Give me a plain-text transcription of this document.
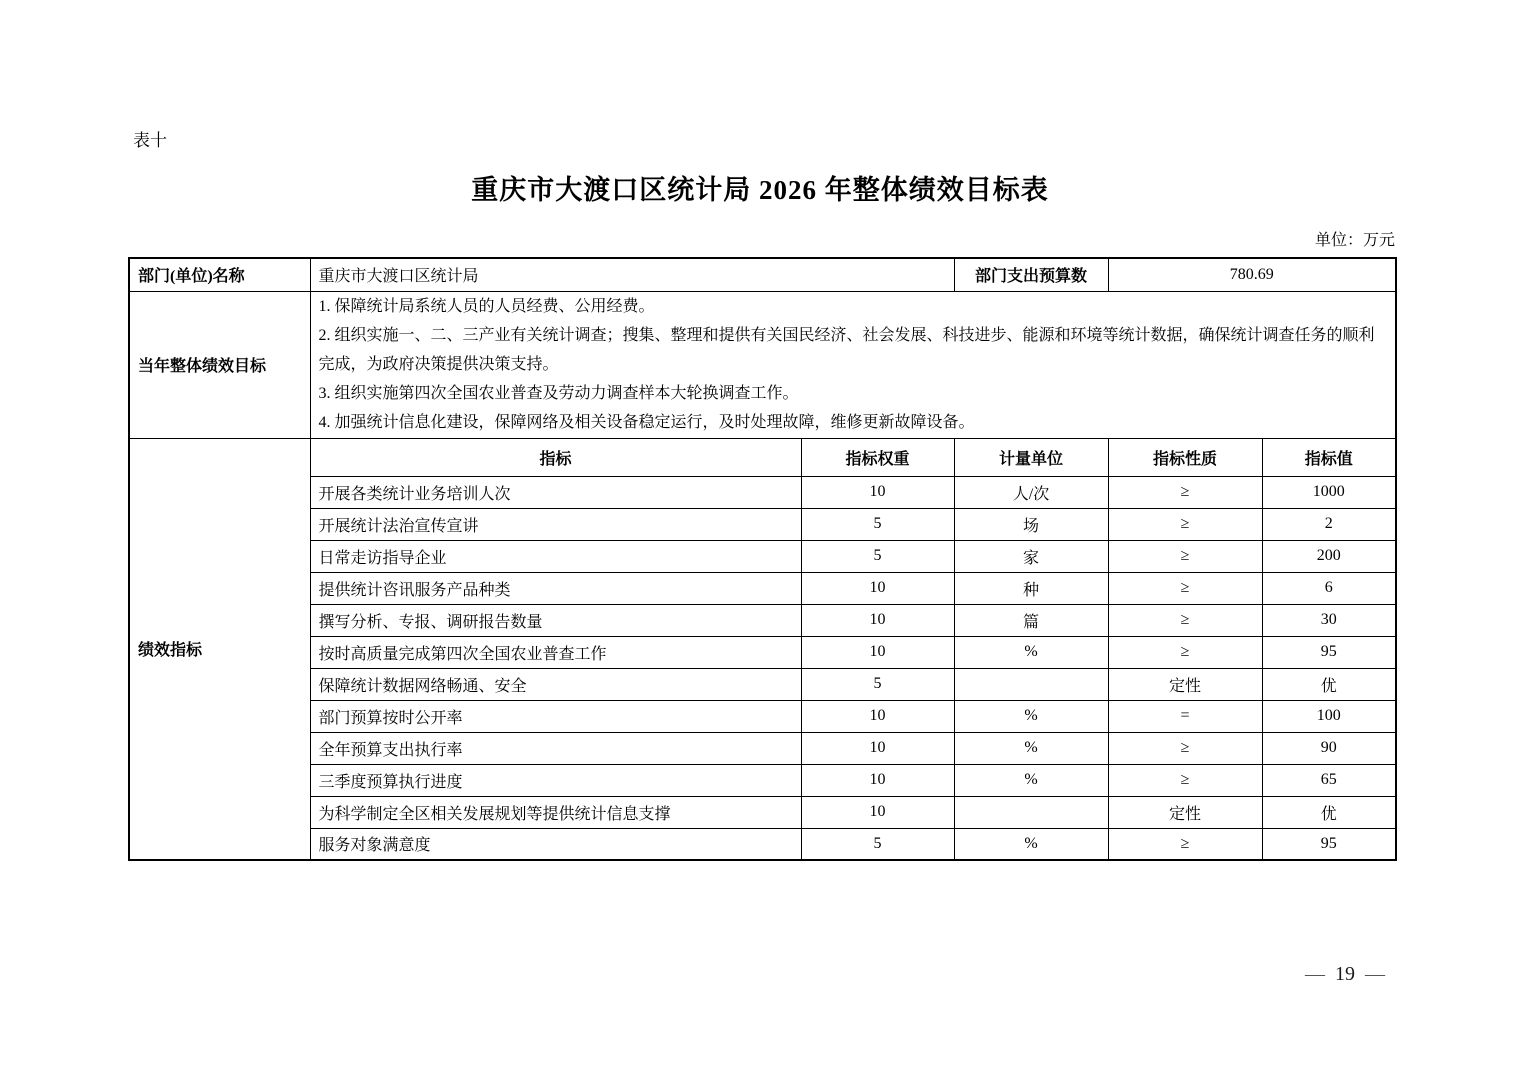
表十
重庆市大渡口区统计局 2026 年整体绩效目标表
单位：万元
部门(单位)名称	重庆市大渡口区统计局		部门支出预算数	780.69	
当年整体绩效目标	1. 保障统计局系统人员的人员经费、公用经费。
2. 组织实施一、二、三产业有关统计调查；搜集、整理和提供有关国民经济、社会发展、科技进步、能源和环境等统计数据，确保统计调查任务的顺利完成，为政府决策提供决策支持。
3. 组织实施第四次全国农业普查及劳动力调查样本大轮换调查工作。
4. 加强统计信息化建设，保障网络及相关设备稳定运行，及时处理故障，维修更新故障设备。				

绩效指标	指标	指标权重	计量单位	指标性质	指标值
	开展各类统计业务培训人次	10	人/次	≥	1000
	开展统计法治宣传宣讲	5	场	≥	2
	日常走访指导企业	5	家	≥	200
	提供统计咨讯服务产品种类	10	种	≥	6
	撰写分析、专报、调研报告数量	10	篇	≥	30
	按时高质量完成第四次全国农业普查工作	10	%	≥	95
	保障统计数据网络畅通、安全	5		定性	优
	部门预算按时公开率	10	%	=	100
	全年预算支出执行率	10	%	≥	90
	三季度预算执行进度	10	%	≥	65
	为科学制定全区相关发展规划等提供统计信息支撑	10		定性	优
	服务对象满意度	5	%	≥	95
— 19 —
